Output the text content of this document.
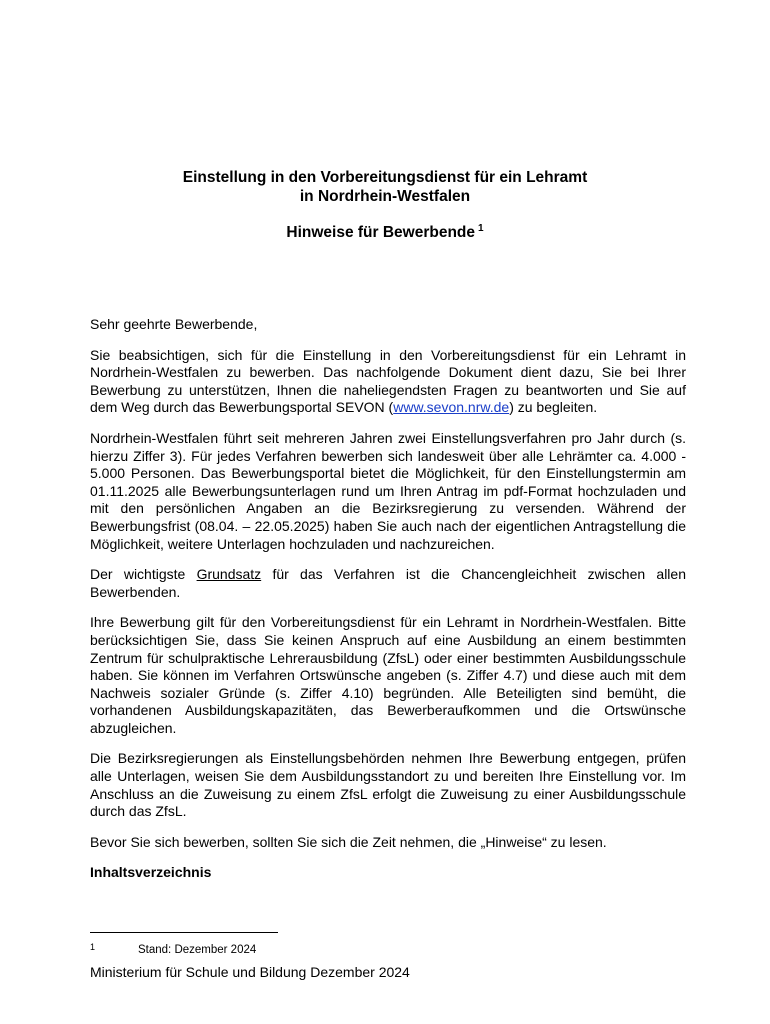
Einstellung in den Vorbereitungsdienst für ein Lehramt
in Nordrhein-Westfalen
Hinweise für Bewerbende $^1$

Sehr geehrte Bewerbende,

Sie beabsichtigen, sich für die Einstellung in den Vorbereitungsdienst für ein Lehramt in Nordrhein-Westfalen zu bewerben. Das nachfolgende Dokument dient dazu, Sie bei Ihrer Bewerbung zu unterstützen, Ihnen die naheliegendsten Fragen zu beantworten und Sie auf dem Weg durch das Bewerbungsportal SEVON (www.sevon.nrw.de) zu begleiten.

Nordrhein-Westfalen führt seit mehreren Jahren zwei Einstellungsverfahren pro Jahr durch (s. hierzu Ziffer 3). Für jedes Verfahren bewerben sich landesweit über alle Lehrämter ca. 4.000 - 5.000 Personen. Das Bewerbungsportal bietet die Möglichkeit, für den Einstellungstermin am 01.11.2025 alle Bewerbungsunterlagen rund um Ihren Antrag im pdf-Format hochzuladen und mit den persönlichen Angaben an die Bezirksregierung zu versenden. Während der Bewerbungsfrist (08.04. – 22.05.2025) haben Sie auch nach der eigentlichen Antragstellung die Möglichkeit, weitere Unterlagen hochzuladen und nachzureichen.

Der wichtigste Grundsatz für das Verfahren ist die Chancengleichheit zwischen allen Bewerbenden.

Ihre Bewerbung gilt für den Vorbereitungsdienst für ein Lehramt in Nordrhein-Westfalen. Bitte berücksichtigen Sie, dass Sie keinen Anspruch auf eine Ausbildung an einem bestimmten Zentrum für schulpraktische Lehrerausbildung (ZfsL) oder einer bestimmten Ausbildungsschule haben. Sie können im Verfahren Ortswünsche angeben (s. Ziffer 4.7) und diese auch mit dem Nachweis sozialer Gründe (s. Ziffer 4.10) begründen. Alle Beteiligten sind bemüht, die vorhandenen Ausbildungskapazitäten, das Bewerberaufkommen und die Ortswünsche abzugleichen.

Die Bezirksregierungen als Einstellungsbehörden nehmen Ihre Bewerbung entgegen, prüfen alle Unterlagen, weisen Sie dem Ausbildungsstandort zu und bereiten Ihre Einstellung vor. Im Anschluss an die Zuweisung zu einem ZfsL erfolgt die Zuweisung zu einer Ausbildungsschule durch das ZfsL.

Bevor Sie sich bewerben, sollten Sie sich die Zeit nehmen, die „Hinweise“ zu lesen.

Inhaltsverzeichnis

1	Stand: Dezember 2024
Ministerium für Schule und Bildung Dezember 2024
